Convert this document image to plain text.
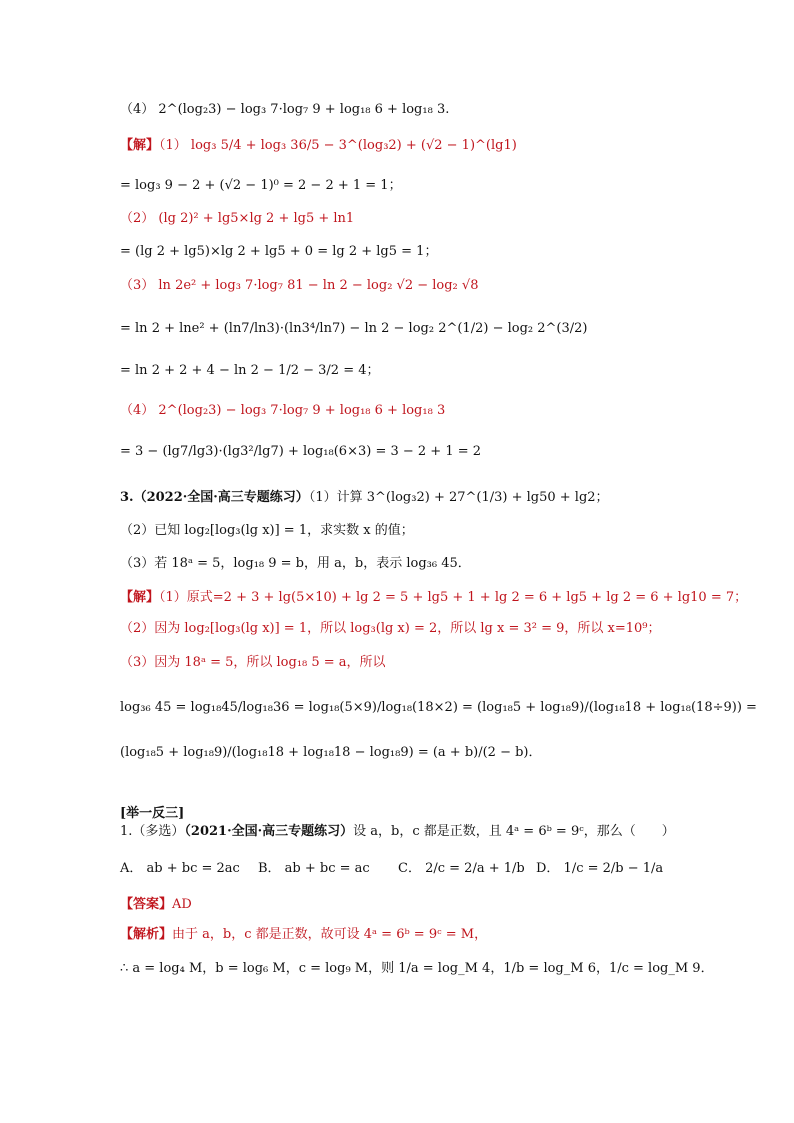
（4） 2^(log₂3) − log₃ 7·log₇ 9 + log₁₈ 6 + log₁₈ 3.
【解】（1） log₃ 5/4 + log₃ 36/5 − 3^(log₃2) + (√2 − 1)^(lg1)
= log₃ 9 − 2 + (√2 − 1)⁰ = 2 − 2 + 1 = 1；
（2） (lg 2)² + lg5×lg 2 + lg5 + ln1
= (lg 2 + lg5)×lg 2 + lg5 + 0 = lg 2 + lg5 = 1；
（3） ln 2e² + log₃ 7·log₇ 81 − ln 2 − log₂ √2 − log₂ √8
= ln 2 + lne² + (ln7/ln3)·(ln3⁴/ln7) − ln 2 − log₂ 2^(1/2) − log₂ 2^(3/2)
= ln 2 + 2 + 4 − ln 2 − 1/2 − 3/2 = 4；
（4） 2^(log₂3) − log₃ 7·log₇ 9 + log₁₈ 6 + log₁₈ 3
= 3 − (lg7/lg3)·(lg3²/lg7) + log₁₈(6×3) = 3 − 2 + 1 = 2
3.（2022·全国·高三专题练习）（1）计算 3^(log₃2) + 27^(1/3) + lg50 + lg2；
（2）已知 log₂[log₃(lg x)] = 1，求实数 x 的值；
（3）若 18ᵃ = 5，log₁₈ 9 = b，用 a，b，表示 log₃₆ 45．
【解】（1）原式=2 + 3 + lg(5×10) + lg 2 = 5 + lg5 + 1 + lg 2 = 6 + lg5 + lg 2 = 6 + lg10 = 7；
（2）因为 log₂[log₃(lg x)] = 1，所以 log₃(lg x) = 2，所以 lg x = 3² = 9，所以 x=10⁹；
（3）因为 18ᵃ = 5，所以 log₁₈ 5 = a，所以
log₃₆ 45 = log₁₈45/log₁₈36 = log₁₈(5×9)/log₁₈(18×2) = (log₁₈5 + log₁₈9)/(log₁₈18 + log₁₈(18÷9)) =
(log₁₈5 + log₁₈9)/(log₁₈18 + log₁₈18 − log₁₈9) = (a + b)/(2 − b)．
[举一反三]
1.（多选）（2021·全国·高三专题练习）设 a，b，c 都是正数，且 4ᵃ = 6ᵇ = 9ᶜ，那么（　　）
A． ab + bc = 2ac B． ab + bc = ac C． 2/c = 2/a + 1/b D． 1/c = 2/b − 1/a
【答案】AD
【解析】由于 a，b，c 都是正数，故可设 4ᵃ = 6ᵇ = 9ᶜ = M，
∴ a = log₄ M，b = log₆ M，c = log₉ M，则 1/a = log_M 4，1/b = log_M 6，1/c = log_M 9．
